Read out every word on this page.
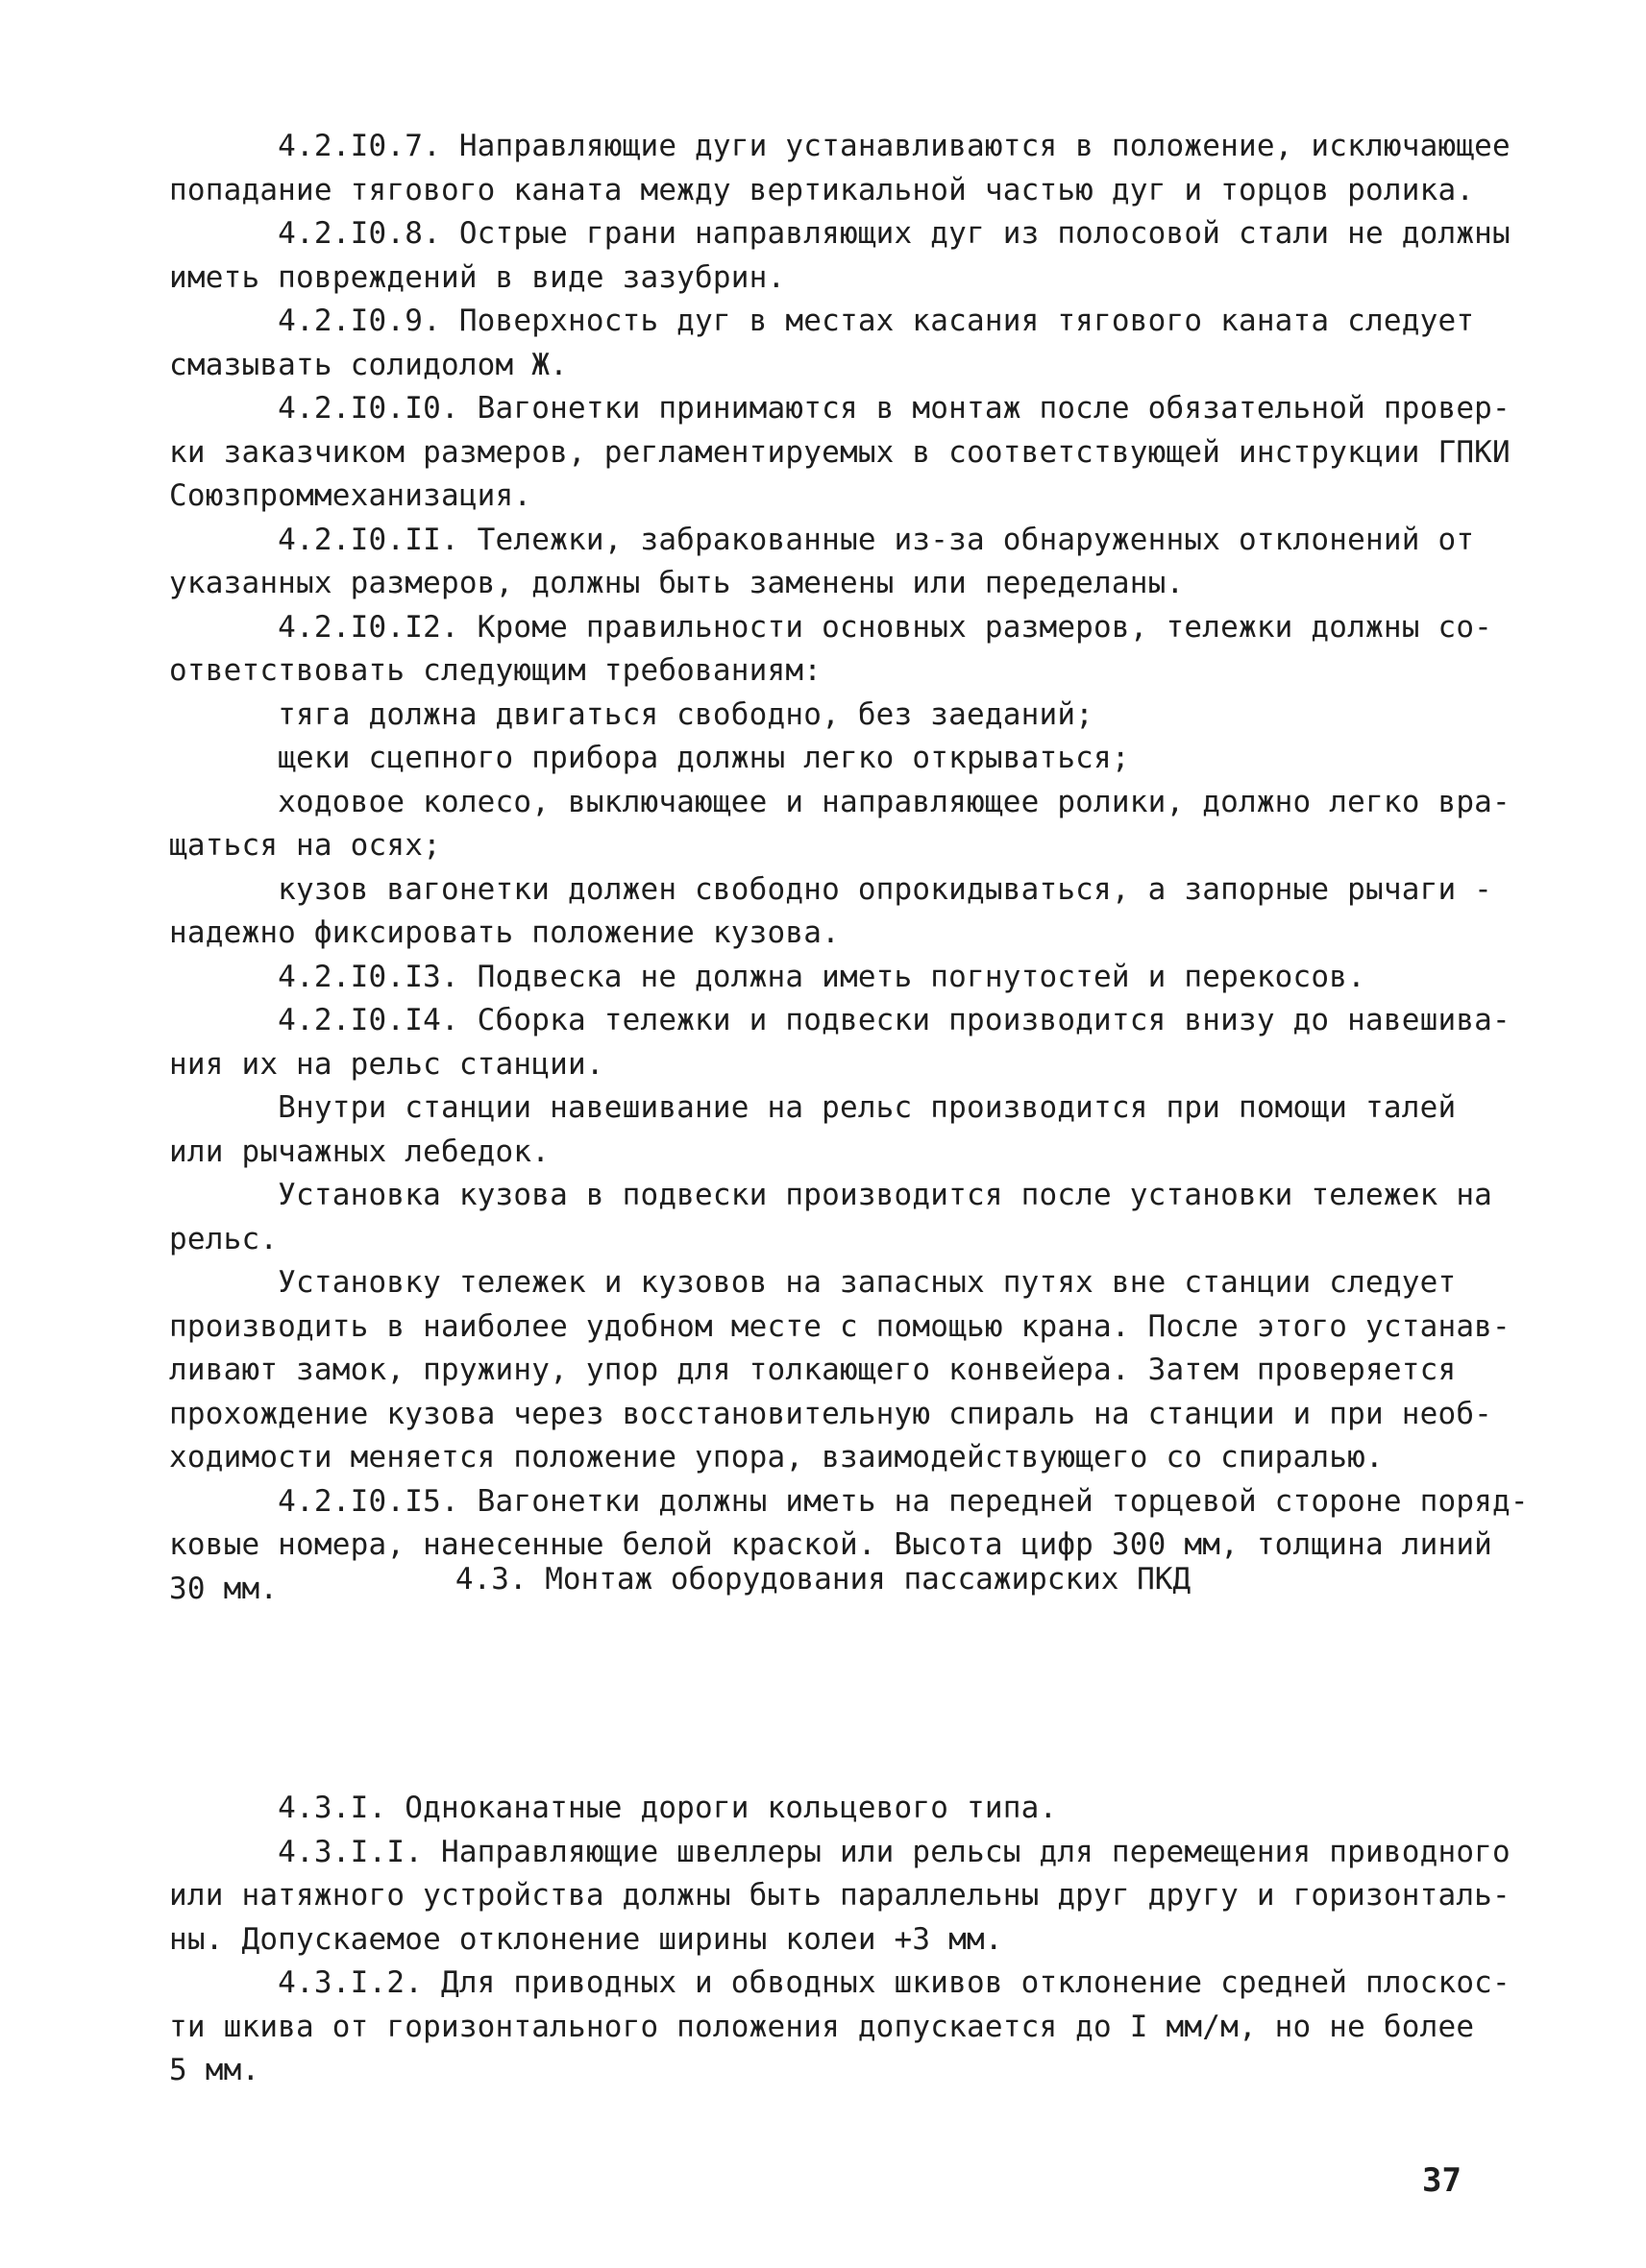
4.2.I0.7. Направляющие дуги устанавливаются в положение, исключающее

попадание тягового каната между вертикальной частью дуг и торцов ролика.

4.2.I0.8. Острые грани направляющих дуг из полосовой стали не должны

иметь повреждений в виде зазубрин.

4.2.I0.9. Поверхность дуг в местах касания тягового каната следует

смазывать солидолом Ж.

4.2.I0.I0. Вагонетки принимаются в монтаж после обязательной провер-

ки заказчиком размеров, регламентируемых в соответствующей инструкции ГПКИ

Союзпроммеханизация.

4.2.I0.II. Тележки, забракованные из-за обнаруженных отклонений от

указанных размеров, должны быть заменены или переделаны.

4.2.I0.I2. Кроме правильности основных размеров, тележки должны со-

ответствовать следующим требованиям:

тяга должна двигаться свободно, без заеданий;

щеки сцепного прибора должны легко открываться;

ходовое колесо, выключающее и направляющее ролики, должно легко вра-

щаться на осях;

кузов вагонетки должен свободно опрокидываться, а запорные рычаги -

надежно фиксировать положение кузова.

4.2.I0.I3. Подвеска не должна иметь погнутостей и перекосов.

4.2.I0.I4. Сборка тележки и подвески производится внизу до навешива-

ния их на рельс станции.

Внутри станции навешивание на рельс производится при помощи талей

или рычажных лебедок.

Установка кузова в подвески производится после установки тележек на

рельс.

Установку тележек и кузовов на запасных путях вне станции следует

производить в наиболее удобном месте с помощью крана. После этого устанав-

ливают замок, пружину, упор для толкающего конвейера. Затем проверяется

прохождение кузова через восстановительную спираль на станции и при необ-

ходимости меняется положение упора, взаимодействующего со спиралью.

4.2.I0.I5. Вагонетки должны иметь на передней торцевой стороне поряд-

ковые номера, нанесенные белой краской. Высота цифр 300 мм, толщина линий

30 мм.	4.3. Монтаж оборудования пассажирских ПКД

4.3.I. Одноканатные дороги кольцевого типа.

4.3.I.I. Направляющие швеллеры или рельсы для перемещения приводного

или натяжного устройства должны быть параллельны друг другу и горизонталь-

ны. Допускаемое отклонение ширины колеи +3 мм.

4.3.I.2. Для приводных и обводных шкивов отклонение средней плоскос-

ти шкива от горизонтального положения допускается до I мм/м, но не более

5 мм.

37
